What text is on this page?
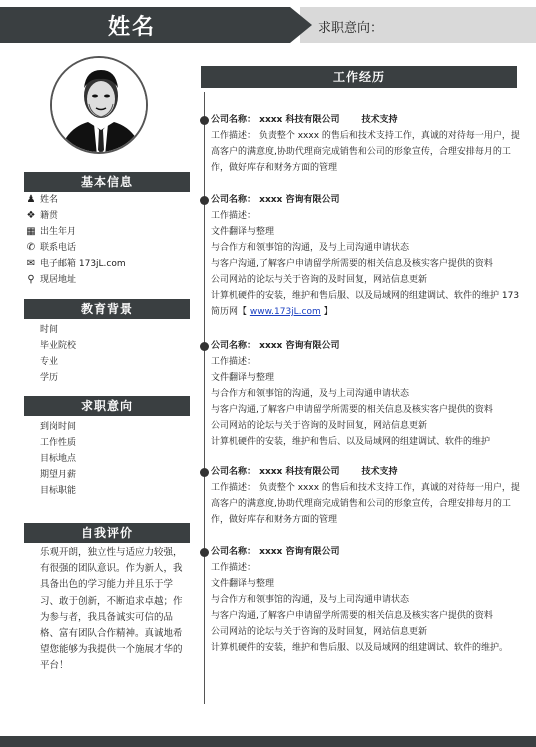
姓名	求职意向：
基本信息
♟ 姓名
❖ 籍贯
▦ 出生年月
✆ 联系电话
✉ 电子邮箱 173jL.com
⚲ 现居地址
教育背景
时间
毕业院校
专业
学历
求职意向
到岗时间
工作性质
目标地点
期望月薪
目标职能
自我评价
乐观开朗，独立性与适应力较强，有很强的团队意识。作为新人，我具备出色的学习能力并且乐于学习、敢于创新，不断追求卓越；作为参与者，我具备诚实可信的品格、富有团队合作精神。真诚地希望您能够为我提供一个施展才华的平台！
工作经历
公司名称： xxxx 科技有限公司 技术支持
工作描述： 负责整个 xxxx 的售后和技术支持工作，真诚的对待每一用户，提高客户的满意度,协助代理商完成销售和公司的形象宣传，合理安排每月的工作，做好库存和财务方面的管理
公司名称： xxxx 咨询有限公司
工作描述：
文件翻译与整理
与合作方和领事馆的沟通，及与上司沟通申请状态
与客户沟通,了解客户申请留学所需要的相关信息及核实客户提供的资料
公司网站的论坛与关于咨询的及时回复，网站信息更新
计算机硬件的安装，维护和售后服、以及局域网的组建调试、软件的维护 173 简历网【 www.173jL.com 】
公司名称： xxxx 咨询有限公司
工作描述：
文件翻译与整理
与合作方和领事馆的沟通，及与上司沟通申请状态
与客户沟通,了解客户申请留学所需要的相关信息及核实客户提供的资料
公司网站的论坛与关于咨询的及时回复，网站信息更新
计算机硬件的安装，维护和售后、以及局域网的组建调试、软件的维护
公司名称： xxxx 科技有限公司 技术支持
工作描述： 负责整个 xxxx 的售后和技术支持工作，真诚的对待每一用户，提高客户的满意度,协助代理商完成销售和公司的形象宣传，合理安排每月的工作，做好库存和财务方面的管理
公司名称： xxxx 咨询有限公司
工作描述：
文件翻译与整理
与合作方和领事馆的沟通，及与上司沟通申请状态
与客户沟通,了解客户申请留学所需要的相关信息及核实客户提供的资料
公司网站的论坛与关于咨询的及时回复，网站信息更新
计算机硬件的安装，维护和售后服、以及局域网的组建调试、软件的维护。
